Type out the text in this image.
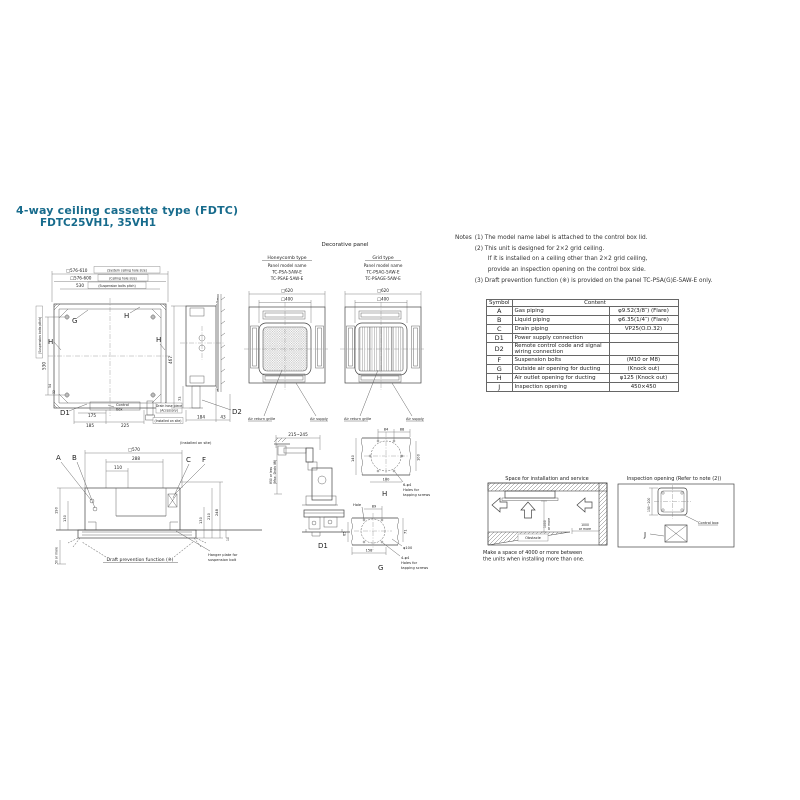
4-way ceiling cassette type (FDTC)
FDTC25VH1, 35VH1
Notes (1) The model name label is attached to the control box lid.
(2) This unit is designed for 2×2 grid ceiling.
If it is installed on a ceiling other than 2×2 grid ceiling,
provide an inspection opening on the control box side.
(3) Draft prevention function (※) is provided on the panel TC-PSA(G)E-5AW-E only.
Symbol	Content	
A	Gas piping	φ9.52(3/8″) (Flare)
B	Liquid piping	φ6.35(1/4″) (Flare)
C	Drain piping	VP25(O.D.32)
D1	Power supply connection	
D2	Remote control code and signal wiring connection	
F	Suspension bolts	(M10 or M8)
G	Outside air opening for ducting	(Knock out)
H	Air outlet opening for ducting	φ125 (Knock out)
J	Inspection opening	450×450
□576-610	(System ceiling hole size)
□576-600	(Ceiling hole size)
530	(Suspension bolts pitch)
G
H
H	H
D1
Control
box
175
185	225
Drain hose piece
(Accessory)
(Installed on site)
(Suspension bolts pitch)
530
54
32
467
73
184	43
D2
Decorative panel
Honeycomb type
Panel model name
TC-PSA-5AW-E
TC-PSAE-5AW-E
□620
□400
Air return grille	Air supply
Grid type
Panel model name
TC-PSAG-5AW-E
TC-PSAGE-5AW-E
□620
□400
Air return grille	Air supply
(Installed on site)
□570
288
110
A B	C F
190
130
50 or more
248
210
130
10
Draft prevention function (※)
Hanger plate for
suspension bolt
215~245
850 or less (Max. Drain lift)
84	88
140	100
100
6-φ4
Holes for
tapping screws
H
D1
Hole	89
65	71
φ100
158
4-φ4
Holes for
tapping screws
G
Space for installation and service
Obstacle
1000 or more	1000
or more
Make a space of 4000 or more between
the units when installing more than one.
Inspection opening (Refer to note (2))
150~200
Control box
J
